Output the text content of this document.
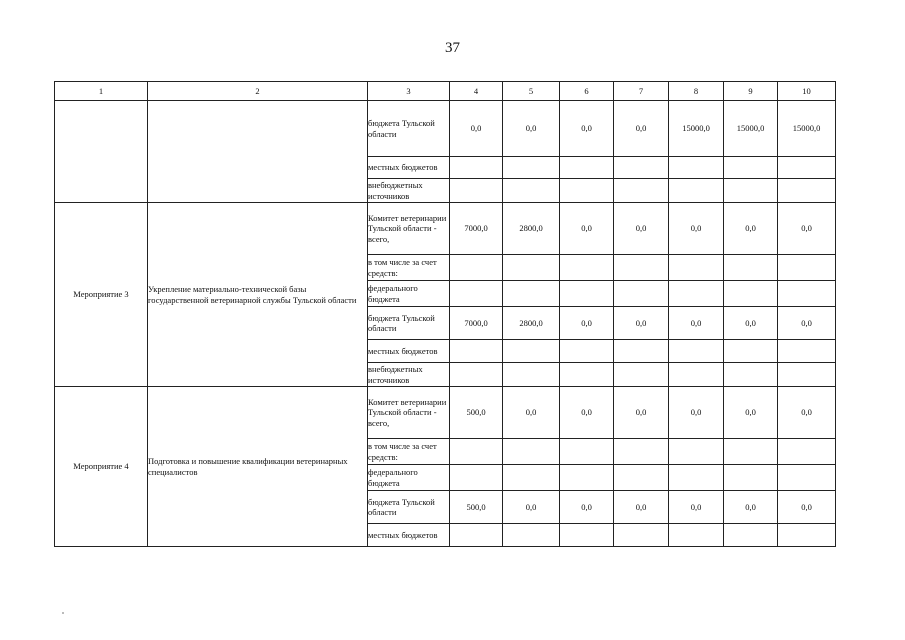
37
1	2	3	4	5	6	7	8	9	10
		бюджета Тульской области	0,0	0,0	0,0	0,0	15000,0	15000,0	15000,0
		местных бюджетов							
		внебюджетных источников							
Мероприятие 3	Укрепление материально-технической базы государственной ветеринарной службы Тульской области	Комитет ветеринарии Тульской области - всего,	7000,0	2800,0	0,0	0,0	0,0	0,0	0,0
		в том числе за счет средств:							
		федерального бюджета							
		бюджета Тульской области	7000,0	2800,0	0,0	0,0	0,0	0,0	0,0
		местных бюджетов							
		внебюджетных источников							
Мероприятие 4	Подготовка и повышение квалификации ветеринарных специалистов	Комитет ветеринарии Тульской области - всего,	500,0	0,0	0,0	0,0	0,0	0,0	0,0
		в том числе за счет средств:							
		федерального бюджета							
		бюджета Тульской области	500,0	0,0	0,0	0,0	0,0	0,0	0,0
		местных бюджетов							
